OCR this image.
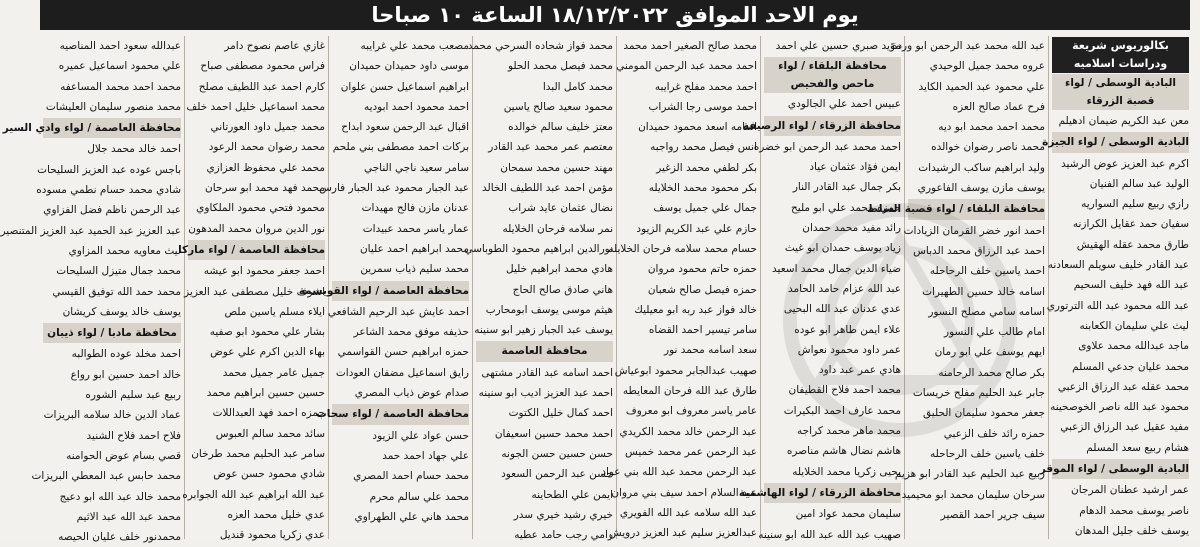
يوم الاحد الموافق ١٨/١٢/٢٠٢٢ الساعة ١٠ صباحا
بكالوريوس شريعة ودراسات اسلاميه
البادية الوسطى / لواء قصبة الزرقاء
معن عبد الكريم ضيمان ادهيلم
البادية الوسطى / لواء الجيزة
اكرم عبد العزيز عوض الرشيد
الوليد عبد سالم الفنيان
رازي ربيع سليم السواريه
سفيان حمد عقايل الكرازنه
طارق محمد عقله الهقيش
عبد القادر خليف سويلم السعادنه
عبد الله فهد خليف السحيم
عبد الله محمود عبد الله الترتوري
ليث علي سليمان الكعابنه
ماجد عبدالله محمد علاوى
محمد عليان جدعي المسلم
محمد عقله عبد الرزاق الزعبي
محمود عبد الله ناصر الخوصحينه
مفيد عقيل عبد الرزاق الزعبي
هشام ربيع سعد المسلم
البادية الوسطى / لواء الموقر
عمر ارشيد عطنان المرجان
ناصر يوسف محمد الدهام
يوسف خلف جليل المدهان
عبد الله محمد عبد الرحمن ابو وردة
عروه محمد جميل الوحيدي
علي محمود عبد الحميد الكايد
فرح عماد صالح العزه
محمد احمد محمد ابو ديه
محمد ناصر رضوان خوالده
وليد ابراهيم ساكب الرشيدات
يوسف مازن يوسف الفاعوري
محافظة البلقاء / لواء قصبة السلط
احمد انور خضر القرمان الزيادات
احمد عبد الرزاق محمد الدباس
احمد ياسين خلف الرحاحله
اسامه خالد حسين الطهيرات
اسامه سامي مصلح النسور
امام طالب علي النسور
ايهم يوسف علي ابو رمان
بكر صالح محمد الرحامنه
جابر عبد الحليم مفلح خريسات
جعفر محمود سليمان الحليق
حمزه رائد خلف الزعبي
خلف ياسين خلف الرحاحله
ربيع عبد الحليم عبد القادر ابو هزيم
سرحان سليمان محمد ابو محيميد
سيف جرير احمد القصير
مؤيد صبري حسين علي احمد
محافظة البلقاء / لواء ماحص والفحيص
عبيس احمد علي الجالودي
محافظة الزرقاء / لواء الرصيفة
احمد محمد عبد الرحمن ابو خضره
ايمن فؤاد عثمان عياد
بكر جمال عبد القادر النار
حمزه محمد علي ابو مليح
رائد مفيد محمد حمدان
زياد يوسف حمدان ابو غيث
ضياء الدين جمال محمد اسعيد
عبد الله عزام حامد الحامد
عدي عدنان عبد الله البحيى
علاء ايمن طاهر ابو عوده
عمر داود محمود نعواش
هادي عمر عبد داود
محمد احمد فلاح القطيفان
محمد عارف احمد البكيرات
محمد ماهر محمد كراجه
هاشم نضال هاشم مناصره
يحيى زكريا محمد الخلايله
محافظة الزرقاء / لواء الهاشمية
سليمان محمد عواد امين
صهيب عبد الله عبد الله ابو سنينه
محمد صالح الصغير احمد محمد
احمد محمد عبد الرحمن المومني
احمد محمد مفلح غرايبه
احمد موسى رجا الشراب
اسامه اسعد محمود حميدان
انس فيصل محمد رواجبه
بكر لطفي محمد الزغير
بكر محمود محمد الخلايله
جمال علي جميل يوسف
حازم علي عبد الكريم الزيود
حسام محمد سلامه فرحان الخلايله
حمزه حاتم محمود مروان
حمزه فيصل صالح شعبان
خالد فواز عبد ربه ابو معيليك
سامر تيسير احمد القضاه
سعد اسامه محمد نور
صهيب عبدالجابر محمود ابوعياش
طارق عبد الله فرحان المعايطه
عامر ياسر معروف ابو معروف
عبد الرحمن خالد محمد الكريدي
عبد الرحمن عمر محمد خميس
عبد الرحمن محمد عبد الله بني عواد
عبد السلام احمد سيف بني مروان
عبد الله سلامه عبد الله الفويري
عبدالعزيز سليم عبد العزيز درويش
محمد فواز شحاده السرحي محمد
محمد فيصل محمد الحلو
محمد كامل البدا
محمود سعيد صالح ياسين
معتز خليف سالم خوالده
معتصم عمر محمد عبد القادر
مهند حسين محمد سمحان
مؤمن احمد عبد اللطيف الخالد
نضال عثمان عايد شراب
نمر سلامه فرحان الخلايله
نورالدين ابراهيم محمود الطوباسي
هادي محمد ابراهيم خليل
هاني صادق صالح الحاج
هيثم موسى يوسف ابومحارب
يوسف عبد الجبار زهير ابو سنينه
محافظة العاصمة
احمد اسامه عبد القادر مشتهى
احمد عبد العزيز اديب ابو سنينه
احمد كمال خليل الكتوت
احمد محمد حسين اسعيفان
حسن حسين حسن الجونه
حسن عبد الرحمن السعود
ايمن علي الطحاينه
خيري رشيد خيري سدر
رامي رجب حامد عطيه
مصعب محمد علي غرايبه
موسى داود حميدان حميدان
ابراهيم اسماعيل حسن علوان
احمد محمود احمد ابوديه
اقبال عبد الرحمن سعود ابداح
بركات احمد مصطفى بني ملحم
سامر سعيد ناجي الناجي
عبد الجبار محمود عبد الجبار فارس
عدنان مازن فالح مهيدات
عمار ياسر محمد عبيدات
محمد ابراهيم احمد عليان
محمد سليم ذياب سمرين
محافظة العاصمة / لواء القويسمة
احمد عايش عبد الرحيم الشافعي
حذيفه موفق محمد الشاعر
حمزه ابراهيم حسن القواسمي
رايق اسماعيل مضفان العودات
صدام عوض ذياب المصري
محافظة العاصمة / لواء سحاب
حسن عواد علي الزيود
علي جهاد احمد حمد
محمد حسام احمد المصري
محمد علي سالم محرم
محمد هاني علي الطهراوي
غازي عاصم نصوح دامر
فراس محمود مصطفى صباح
كارم احمد عبد اللطيف مصلح
محمد اسماعيل خليل احمد خلف
محمد جميل داود العورتاني
محمد رضوان محمد الرعود
محمد علي محفوظ العزازي
محمد فهد محمد ابو سرحان
محمود فتحي محمود الملكاوي
نور الدين مروان محمد المدهون
محافظة العاصمة / لواء ماركا
احمد جعفر محمود ابو عيشه
اشرف خليل مصطفى عبد العزيز
ايلاء مسلم ياسين ملص
بشار علي محمود ابو صفيه
بهاء الدين اكرم علي عوض
جميل عامر جميل محمد
حسين حسين ابراهيم محمد
حمزه احمد فهد العبداللات
سائد محمد سالم العبوس
سامر عبد الحليم محمد طرخان
شادي محمود حسن عوض
عبد الله ابراهيم عبد الله الجوابره
عدي خليل محمد العزه
عدي زكريا محمود قنديل
عبدالله سعود احمد المناصيه
علي محمود اسماعيل عميره
محمد احمد محمد المساعفه
محمد منصور سليمان العليشات
محافظة العاصمة / لواء وادي السير
احمد خالد محمد جلال
باجس عوده عبد العزيز السليحات
شادي محمد حسام نطمي مسوده
عبد الرحمن ناظم فضل الفزاوي
عبد العزيز عبد الحميد عبد العزيز المتنصير
ليث معاويه محمد المزاوي
محمد جمال متيزل السليحات
محمد حمد الله توفيق القيسي
يوسف خالد يوسف كريشان
محافظة مادبا / لواء ذيبان
احمد مخلد عوده الطوالبه
خالد احمد حسين ابو رواع
ربيع عبد سليم الشوره
عماد الدين خالد سلامه البريزات
فلاح احمد فلاح الشنيد
قصي بسام عوض الحوامنه
محمد حابس عبد المعطي البريزات
محمد خالد عبد الله ابو دعيج
محمد عبد الله عبد الاثيم
محمدنور خلف عليان الحيصه
